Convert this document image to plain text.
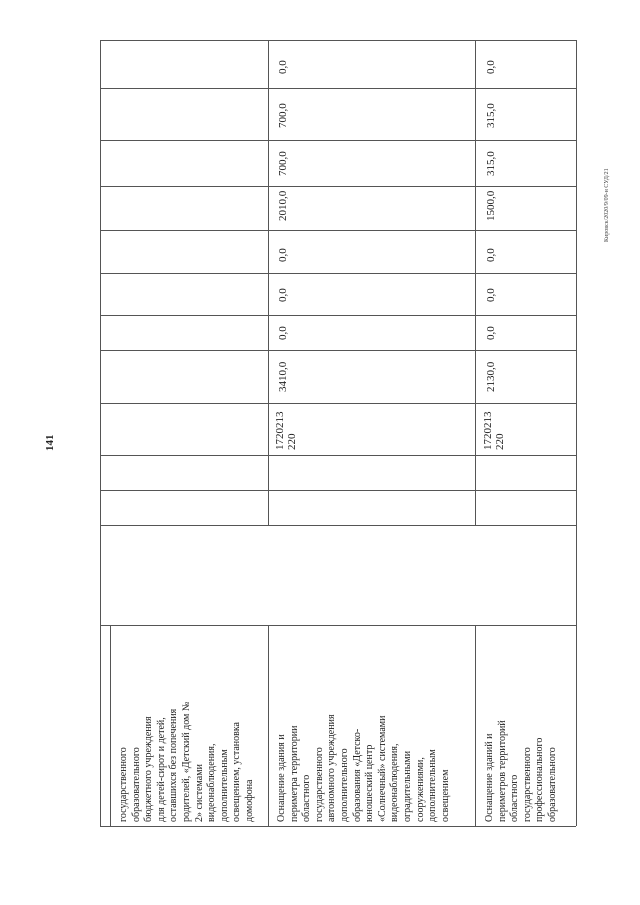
141
Кировск/2020/9/09-н СУД/21
государственного образовательного бюджетного учреждения для детей-сирот и детей, оставшихся без попечения родителей, «Детский дом № 2» системами видеонаблюдения, дополнительным освещением, установка домофона
0,0
Оснащение здания и периметра территории областного государственного автономного учреждения дополнительного образования «Детско- юношеский центр «Солнечный» системами видеонаблюдения, оградительными сооружениями, дополнительным освещением
1720213 220
3410,0
0,0
0,0
0,0
2010,0
700,0
700,0
Оснащение зданий и периметров территорий областного государственного профессионального образовательного
1720213 220
2130,0
0,0
0,0
0,0
1500,0
315,0
315,0
0,0
